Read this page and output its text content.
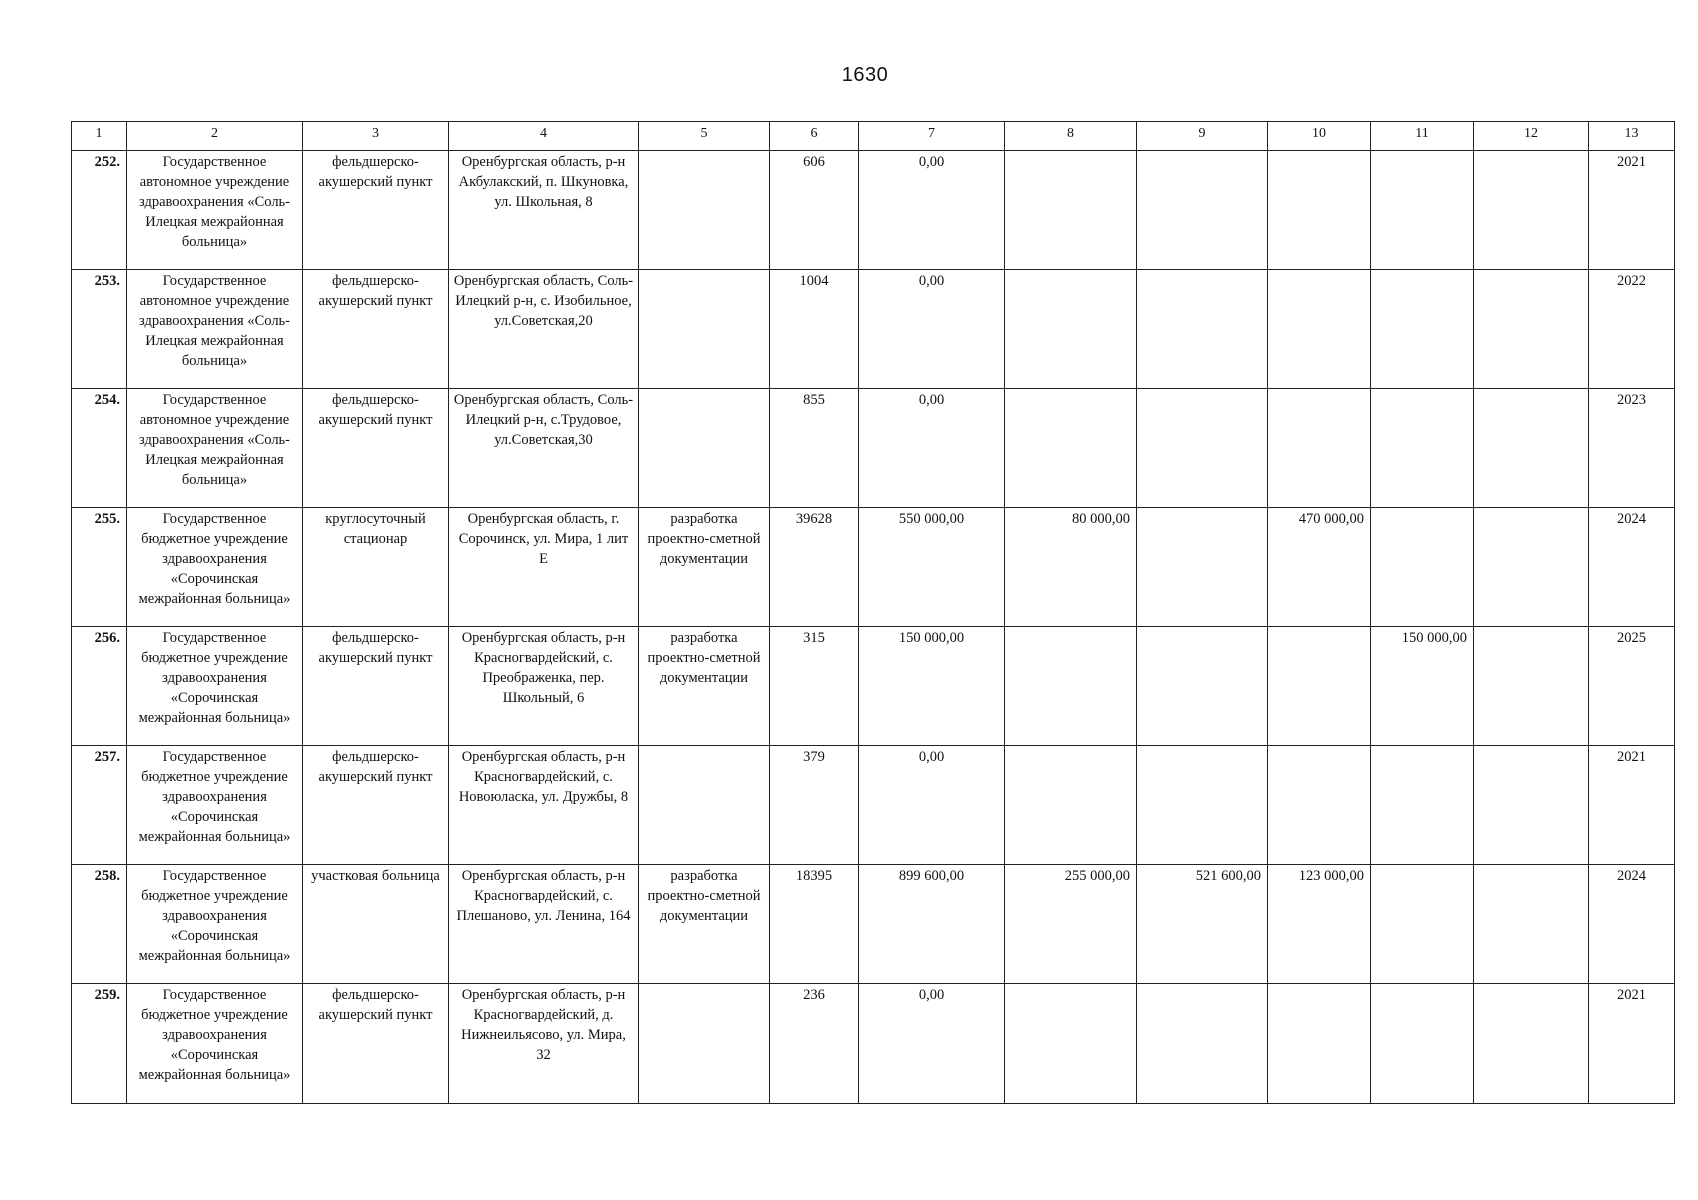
1630
1	2	3	4	5	6	7	8	9	10	11	12	13
252.	Государственное автономное учреждение здравоохранения «Соль-Илецкая межрайонная больница»	фельдшерско-акушерский пункт	Оренбургская область, р-н Акбулакский, п. Шкуновка, ул. Школьная, 8		606	0,00						2021
253.	Государственное автономное учреждение здравоохранения «Соль-Илецкая межрайонная больница»	фельдшерско-акушерский пункт	Оренбургская область, Соль-Илецкий р-н, с. Изобильное, ул.Советская,20		1004	0,00						2022
254.	Государственное автономное учреждение здравоохранения «Соль-Илецкая межрайонная больница»	фельдшерско-акушерский пункт	Оренбургская область, Соль-Илецкий р-н, с.Трудовое, ул.Советская,30		855	0,00						2023
255.	Государственное бюджетное учреждение здравоохранения «Сорочинская межрайонная больница»	круглосуточный стационар	Оренбургская область, г. Сорочинск, ул. Мира, 1 лит Е	разработка проектно-сметной документации	39628	550 000,00	80 000,00		470 000,00			2024
256.	Государственное бюджетное учреждение здравоохранения «Сорочинская межрайонная больница»	фельдшерско-акушерский пункт	Оренбургская область, р-н Красногвардейский, с. Преображенка, пер. Школьный, 6	разработка проектно-сметной документации	315	150 000,00				150 000,00		2025
257.	Государственное бюджетное учреждение здравоохранения «Сорочинская межрайонная больница»	фельдшерско-акушерский пункт	Оренбургская область, р-н Красногвардейский, с. Новоюласка, ул. Дружбы, 8		379	0,00						2021
258.	Государственное бюджетное учреждение здравоохранения «Сорочинская межрайонная больница»	участковая больница	Оренбургская область, р-н Красногвардейский, с. Плешаново, ул. Ленина, 164	разработка проектно-сметной документации	18395	899 600,00	255 000,00	521 600,00	123 000,00			2024
259.	Государственное бюджетное учреждение здравоохранения «Сорочинская межрайонная больница»	фельдшерско-акушерский пункт	Оренбургская область, р-н Красногвардейский, д. Нижнеильясово, ул. Мира, 32		236	0,00						2021
